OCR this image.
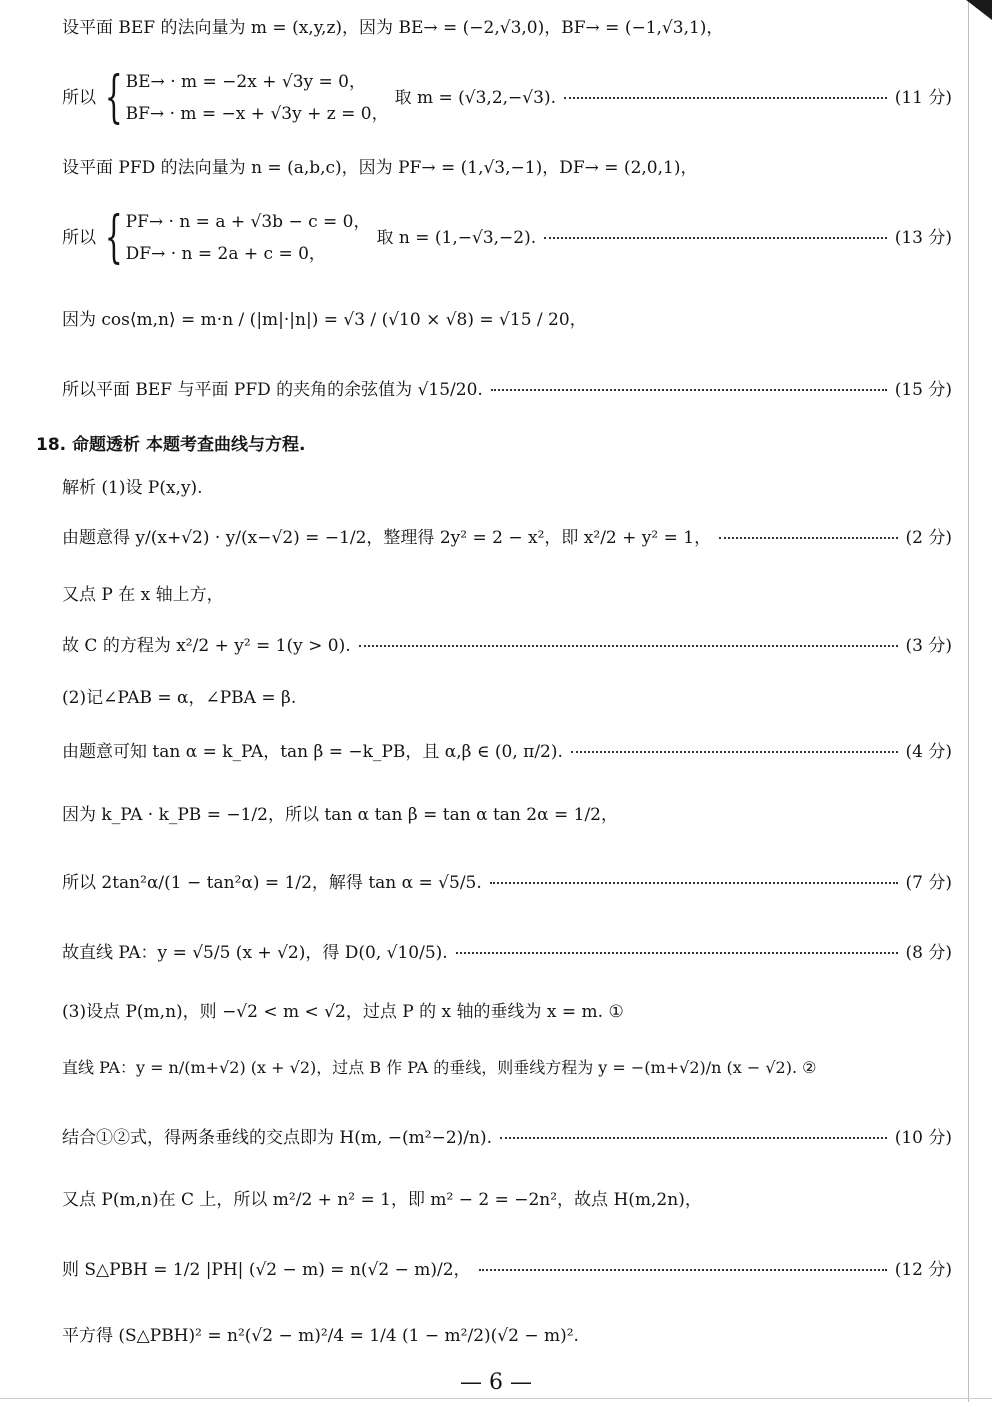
设平面 BEF 的法向量为 m = (x,y,z)，因为 BE→ = (−2,√3,0)，BF→ = (−1,√3,1)，
所以 { BE→ · m = −2x + √3y = 0，
BF→ · m = −x + √3y + z = 0，
取 m = (√3,2,−√3).	(11 分)
设平面 PFD 的法向量为 n = (a,b,c)，因为 PF→ = (1,√3,−1)，DF→ = (2,0,1)，
所以 { PF→ · n = a + √3b − c = 0，
DF→ · n = 2a + c = 0，
取 n = (1,−√3,−2).	(13 分)
因为 cos⟨m,n⟩ = m·n / (|m|·|n|) = √3 / (√10 × √8) = √15 / 20，
所以平面 BEF 与平面 PFD 的夹角的余弦值为 √15/20.	(15 分)
18. 命题透析 本题考查曲线与方程.
解析 (1)设 P(x,y).
由题意得 y/(x+√2) · y/(x−√2) = −1/2，整理得 2y² = 2 − x²，即 x²/2 + y² = 1，	(2 分)
又点 P 在 x 轴上方，
故 C 的方程为 x²/2 + y² = 1(y > 0).	(3 分)
(2)记∠PAB = α，∠PBA = β.
由题意可知 tan α = k_PA，tan β = −k_PB，且 α,β ∈ (0, π/2).	(4 分)
因为 k_PA · k_PB = −1/2，所以 tan α tan β = tan α tan 2α = 1/2，
所以 2tan²α/(1 − tan²α) = 1/2，解得 tan α = √5/5.	(7 分)
故直线 PA：y = √5/5 (x + √2)，得 D(0, √10/5).	(8 分)
(3)设点 P(m,n)，则 −√2 < m < √2，过点 P 的 x 轴的垂线为 x = m. ①
直线 PA：y = n/(m+√2) (x + √2)，过点 B 作 PA 的垂线，则垂线方程为 y = −(m+√2)/n (x − √2). ②
结合①②式，得两条垂线的交点即为 H(m, −(m²−2)/n).	(10 分)
又点 P(m,n)在 C 上，所以 m²/2 + n² = 1，即 m² − 2 = −2n²，故点 H(m,2n)，
则 S△PBH = 1/2 |PH| (√2 − m) = n(√2 − m)/2，	(12 分)
平方得 (S△PBH)² = n²(√2 − m)²/4 = 1/4 (1 − m²/2)(√2 − m)².
— 6 —
